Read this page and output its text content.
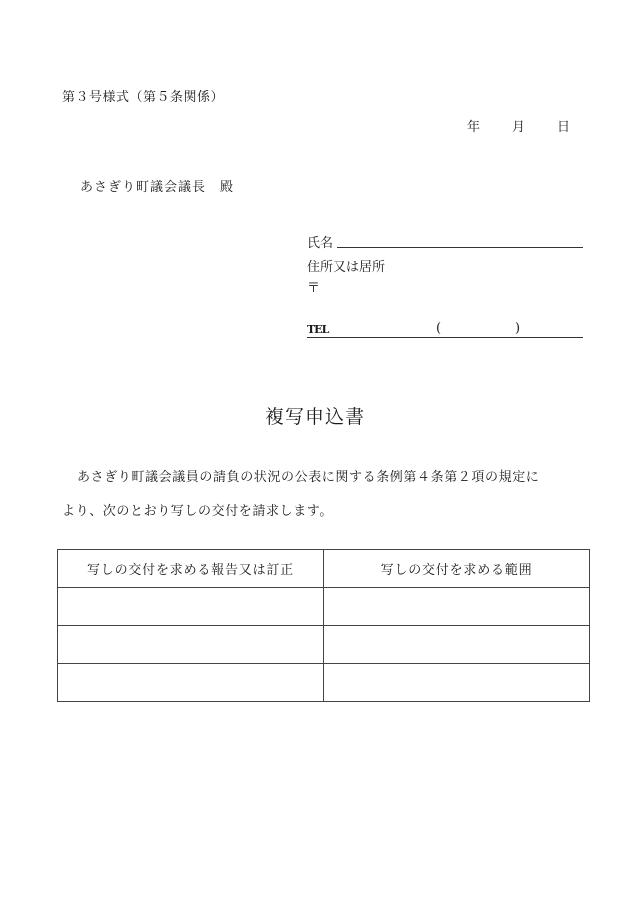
第３号様式（第５条関係）
年 月 日
あさぎり町議会議長　殿
氏名
住所又は居所
〒
TEL	(	)
複写申込書
あさぎり町議会議員の請負の状況の公表に関する条例第４条第２項の規定に
より、次のとおり写しの交付を請求します。
写しの交付を求める報告又は訂正	写しの交付を求める範囲
